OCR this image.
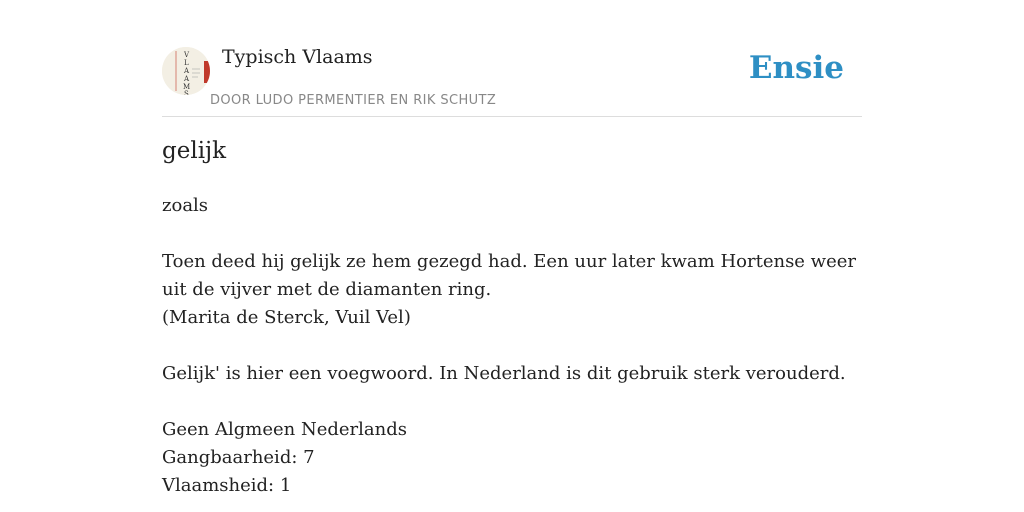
V
L
A
A
M
S
Typisch Vlaams
DOOR LUDO PERMENTIER EN RIK SCHUTZ
Ensie
gelijk

zoals

Toen deed hij gelijk ze hem gezegd had. Een uur later kwam Hortense weer uit de vijver met de diamanten ring.
(Marita de Sterck, Vuil Vel)

Gelijk' is hier een voegwoord. In Nederland is dit gebruik sterk verouderd.

Geen Algmeen Nederlands
Gangbaarheid: 7
Vlaamsheid: 1
